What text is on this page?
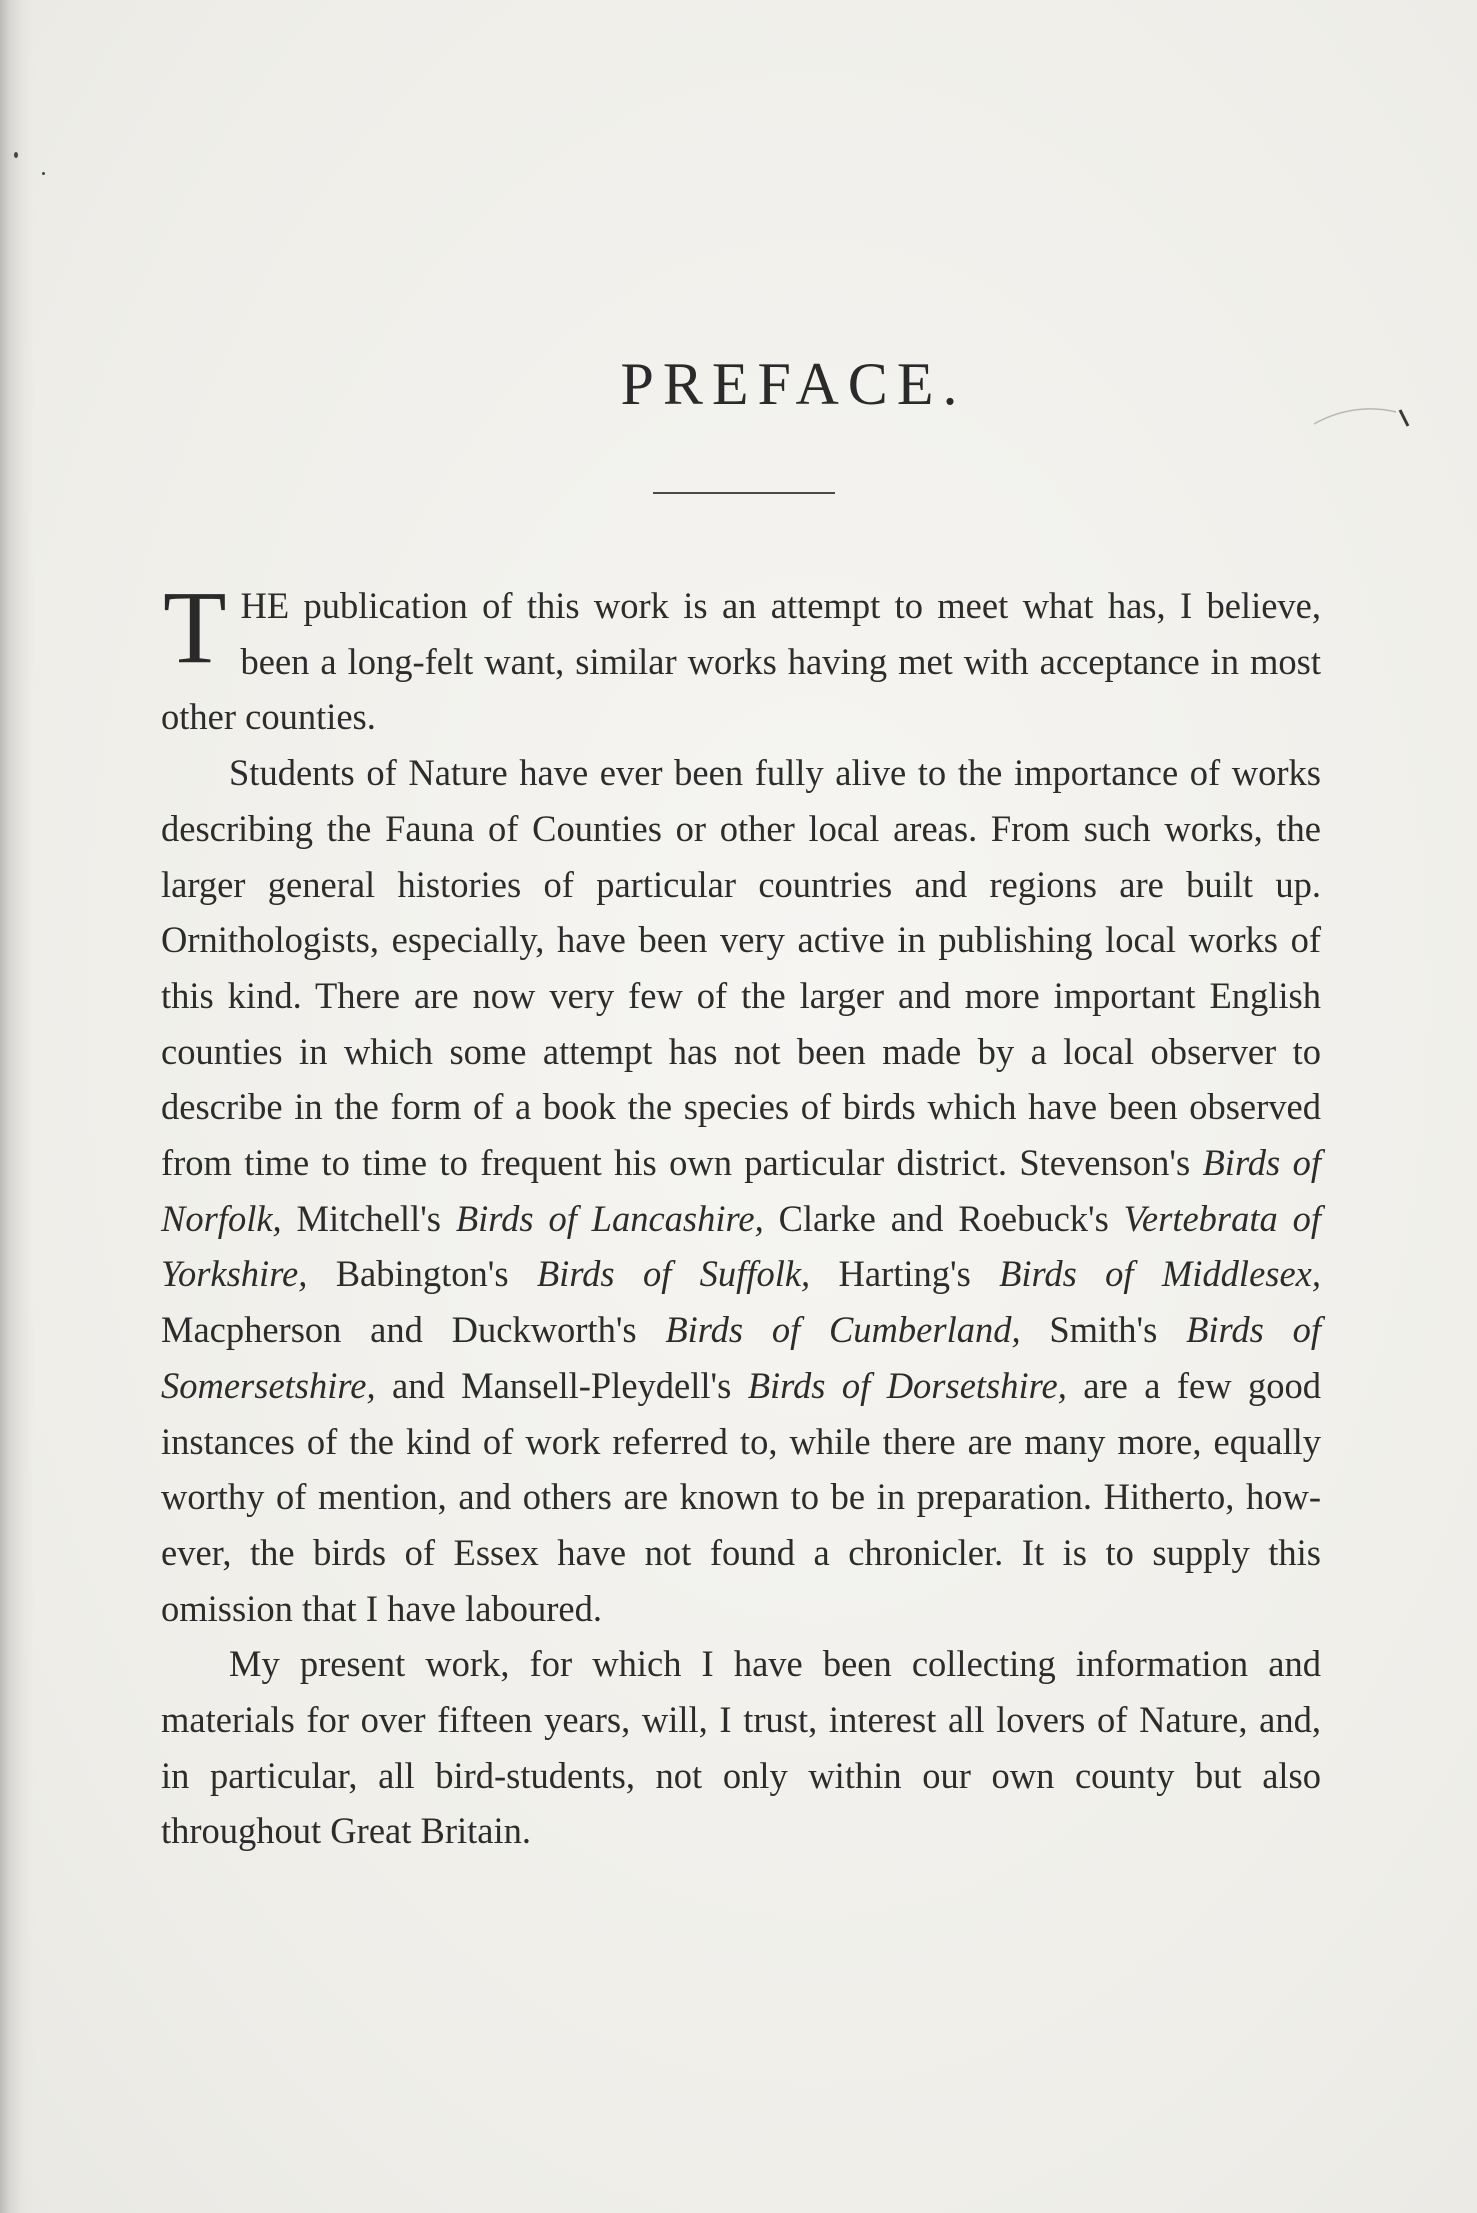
PREFACE.

THE publication of this work is an attempt to meet what has, I believe, been a long-felt want, similar works having met with acceptance in most other counties.

Students of Nature have ever been fully alive to the importance of works describing the Fauna of Counties or other local areas. From such works, the larger general histories of particular countries and regions are built up. Ornithologists, especially, have been very active in publishing local works of this kind. There are now very few of the larger and more important English counties in which some attempt has not been made by a local observer to describe in the form of a book the species of birds which have been observed from time to time to frequent his own particular district. Stevenson's Birds of Norfolk, Mitchell's Birds of Lancashire, Clarke and Roebuck's Vertebrata of Yorkshire, Babington's Birds of Suffolk, Harting's Birds of Middlesex, Macpherson and Duckworth's Birds of Cumberland, Smith's Birds of Somersetshire, and Mansell-Pleydell's Birds of Dorsetshire, are a few good instances of the kind of work referred to, while there are many more, equally worthy of mention, and others are known to be in preparation. Hitherto, however, the birds of Essex have not found a chronicler. It is to supply this omission that I have laboured.

My present work, for which I have been collecting information and materials for over fifteen years, will, I trust, interest all lovers of Nature, and, in particular, all bird-students, not only within our own county but also throughout Great Britain.
